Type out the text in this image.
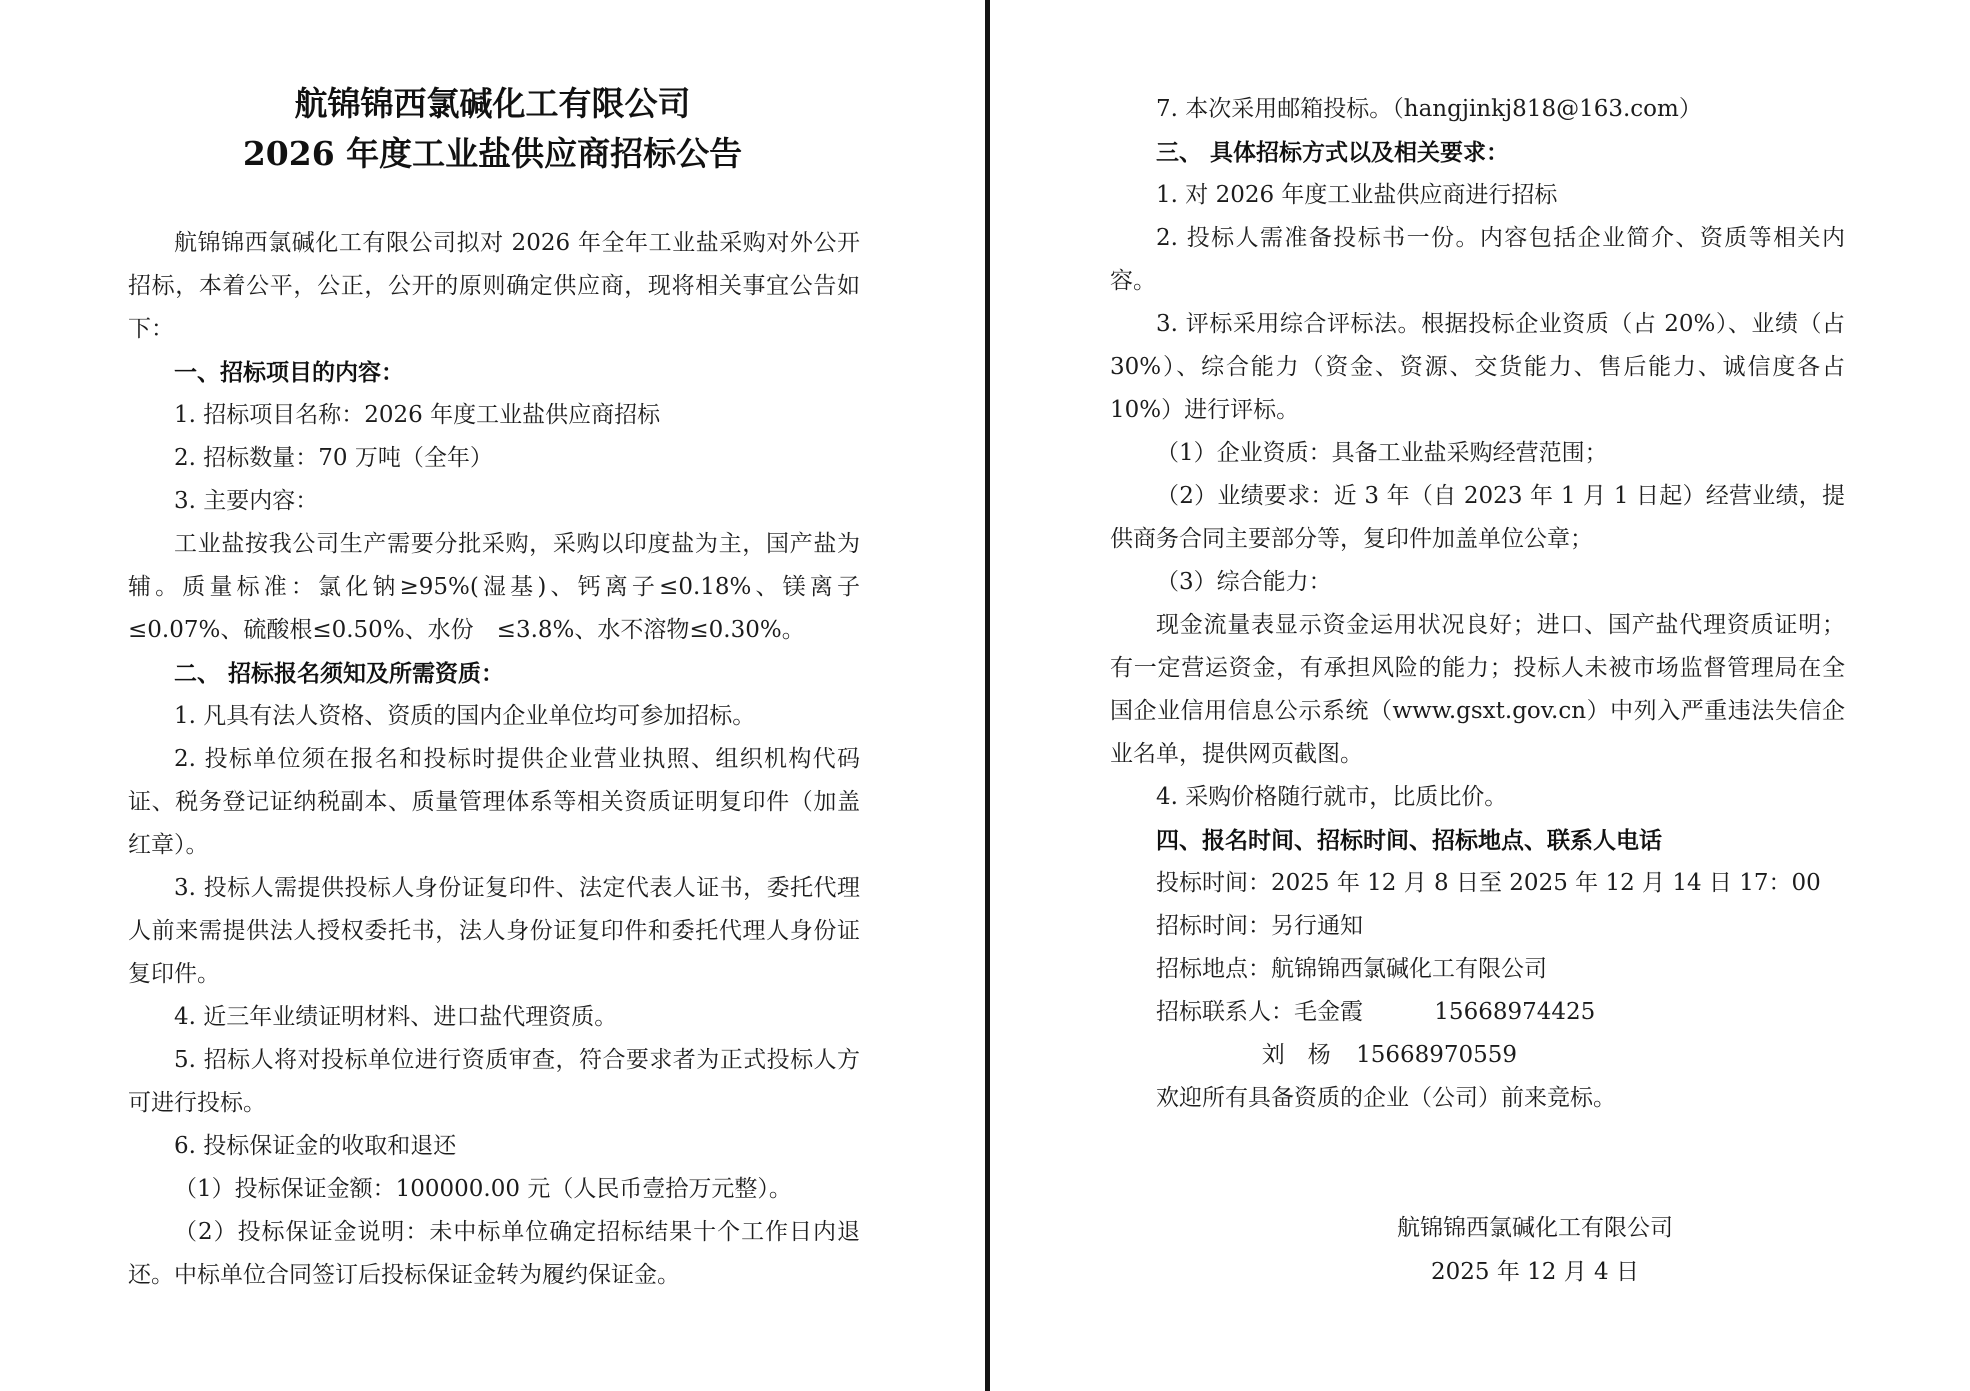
航锦锦西氯碱化工有限公司
2026 年度工业盐供应商招标公告

航锦锦西氯碱化工有限公司拟对 2026 年全年工业盐采购对外公开招标，本着公平，公正，公开的原则确定供应商，现将相关事宜公告如下：

一、招标项目的内容：

1. 招标项目名称：2026 年度工业盐供应商招标

2. 招标数量：70 万吨（全年）

3. 主要内容：

工业盐按我公司生产需要分批采购，采购以印度盐为主，国产盐为辅。质量标准：氯化钠≥95%(湿基)、钙离子≤0.18%、镁离子≤0.07%、硫酸根≤0.50%、水份　≤3.8%、水不溶物≤0.30%。

二、 招标报名须知及所需资质：

1. 凡具有法人资格、资质的国内企业单位均可参加招标。

2. 投标单位须在报名和投标时提供企业营业执照、组织机构代码证、税务登记证纳税副本、质量管理体系等相关资质证明复印件（加盖红章）。

3. 投标人需提供投标人身份证复印件、法定代表人证书，委托代理人前来需提供法人授权委托书，法人身份证复印件和委托代理人身份证复印件。

4. 近三年业绩证明材料、进口盐代理资质。

5. 招标人将对投标单位进行资质审查，符合要求者为正式投标人方可进行投标。

6. 投标保证金的收取和退还

（1）投标保证金额：100000.00 元（人民币壹拾万元整）。

（2）投标保证金说明：未中标单位确定招标结果十个工作日内退还。中标单位合同签订后投标保证金转为履约保证金。

7. 本次采用邮箱投标。（hangjinkj818@163.com）

三、 具体招标方式以及相关要求：

1. 对 2026 年度工业盐供应商进行招标

2. 投标人需准备投标书一份。内容包括企业简介、资质等相关内容。

3. 评标采用综合评标法。根据投标企业资质（占 20%）、业绩（占 30%）、综合能力（资金、资源、交货能力、售后能力、诚信度各占 10%）进行评标。

（1）企业资质：具备工业盐采购经营范围；

（2）业绩要求：近 3 年（自 2023 年 1 月 1 日起）经营业绩，提供商务合同主要部分等，复印件加盖单位公章；

（3）综合能力：

现金流量表显示资金运用状况良好；进口、国产盐代理资质证明；有一定营运资金，有承担风险的能力；投标人未被市场监督管理局在全国企业信用信息公示系统（www.gsxt.gov.cn）中列入严重违法失信企业名单，提供网页截图。

4. 采购价格随行就市，比质比价。

四、报名时间、招标时间、招标地点、联系人电话

投标时间：2025 年 12 月 8 日至 2025 年 12 月 14 日 17：00

招标时间：另行通知

招标地点：航锦锦西氯碱化工有限公司

招标联系人：毛金霞	15668974425

刘　杨 15668970559

欢迎所有具备资质的企业（公司）前来竞标。

航锦锦西氯碱化工有限公司
2025 年 12 月 4 日
